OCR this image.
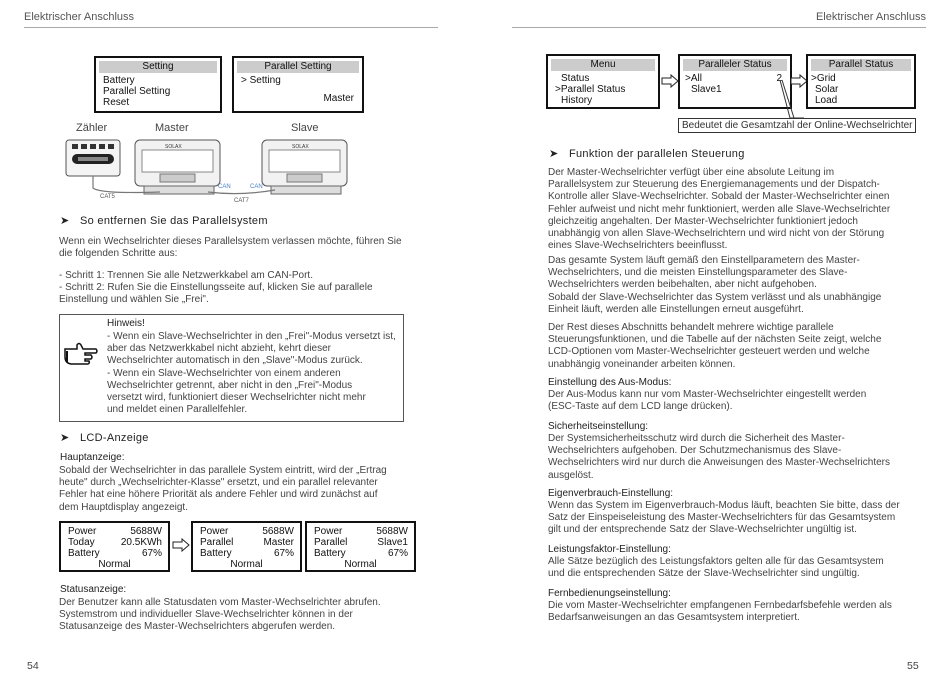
Elektrischer Anschluss
Setting
Battery
Parallel Setting
Reset
Parallel Setting
> Setting
Master
Zähler	Master	Slave
SOLAX	SOLAX
CAT5
CAT7
CAN	CAN
➤ So entfernen Sie das Parallelsystem
Wenn ein Wechselrichter dieses Parallelsystem verlassen möchte, führen Sie
die folgenden Schritte aus:
- Schritt 1: Trennen Sie alle Netzwerkkabel am CAN-Port.
- Schritt 2: Rufen Sie die Einstellungsseite auf, klicken Sie auf parallele
Einstellung und wählen Sie „Frei".
Hinweis!
- Wenn ein Slave-Wechselrichter in den „Frei"-Modus versetzt ist,
aber das Netzwerkkabel nicht abzieht, kehrt dieser
Wechselrichter automatisch in den „Slave"-Modus zurück.
- Wenn ein Slave-Wechselrichter von einem anderen
Wechselrichter getrennt, aber nicht in den „Frei"-Modus
versetzt wird, funktioniert dieser Wechselrichter nicht mehr
und meldet einen Parallelfehler.
➤ LCD-Anzeige
Hauptanzeige:
Sobald der Wechselrichter in das parallele System eintritt, wird der „Ertrag
heute" durch „Wechselrichter-Klasse" ersetzt, und ein parallel relevanter
Fehler hat eine höhere Priorität als andere Fehler und wird zunächst auf
dem Hauptdisplay angezeigt.
Power	5688W
Today	20.5KWh
Battery	67%
Normal
Power	5688W
Parallel	Master
Battery	67%
Normal
Power	5688W
Parallel	Slave1
Battery	67%
Normal
Statusanzeige:
Der Benutzer kann alle Statusdaten vom Master-Wechselrichter abrufen.
Systemstrom und individueller Slave-Wechselrichter können in der
Statusanzeige des Master-Wechselrichters abgerufen werden.
54
Elektrischer Anschluss
Menu
Status
>Parallel Status
History
Paralleler Status
>All	2
Slave1
Parallel Status
>Grid
Solar
Load
Bedeutet die Gesamtzahl der Online-Wechselrichter
➤ Funktion der parallelen Steuerung
Der Master-Wechselrichter verfügt über eine absolute Leitung im
Parallelsystem zur Steuerung des Energiemanagements und der Dispatch-
Kontrolle aller Slave-Wechselrichter. Sobald der Master-Wechselrichter einen
Fehler aufweist und nicht mehr funktioniert, werden alle Slave-Wechselrichter
gleichzeitig angehalten. Der Master-Wechselrichter funktioniert jedoch
unabhängig von allen Slave-Wechselrichtern und wird nicht von der Störung
eines Slave-Wechselrichters beeinflusst.
Das gesamte System läuft gemäß den Einstellparametern des Master-
Wechselrichters, und die meisten Einstellungsparameter des Slave-
Wechselrichters werden beibehalten, aber nicht aufgehoben.
Sobald der Slave-Wechselrichter das System verlässt und als unabhängige
Einheit läuft, werden alle Einstellungen erneut ausgeführt.
Der Rest dieses Abschnitts behandelt mehrere wichtige parallele
Steuerungsfunktionen, und die Tabelle auf der nächsten Seite zeigt, welche
LCD-Optionen vom Master-Wechselrichter gesteuert werden und welche
unabhängig voneinander arbeiten können.
Einstellung des Aus-Modus:
Der Aus-Modus kann nur vom Master-Wechselrichter eingestellt werden
(ESC-Taste auf dem LCD lange drücken).
Sicherheitseinstellung:
Der Systemsicherheitsschutz wird durch die Sicherheit des Master-
Wechselrichters aufgehoben. Der Schutzmechanismus des Slave-
Wechselrichters wird nur durch die Anweisungen des Master-Wechselrichters
ausgelöst.
Eigenverbrauch-Einstellung:
Wenn das System im Eigenverbrauch-Modus läuft, beachten Sie bitte, dass der
Satz der Einspeiseleistung des Master-Wechselrichters für das Gesamtsystem
gilt und der entsprechende Satz der Slave-Wechselrichter ungültig ist.
Leistungsfaktor-Einstellung:
Alle Sätze bezüglich des Leistungsfaktors gelten alle für das Gesamtsystem
und die entsprechenden Sätze der Slave-Wechselrichter sind ungültig.
Fernbedienungseinstellung:
Die vom Master-Wechselrichter empfangenen Fernbedarfsbefehle werden als
Bedarfsanweisungen an das Gesamtsystem interpretiert.
55
